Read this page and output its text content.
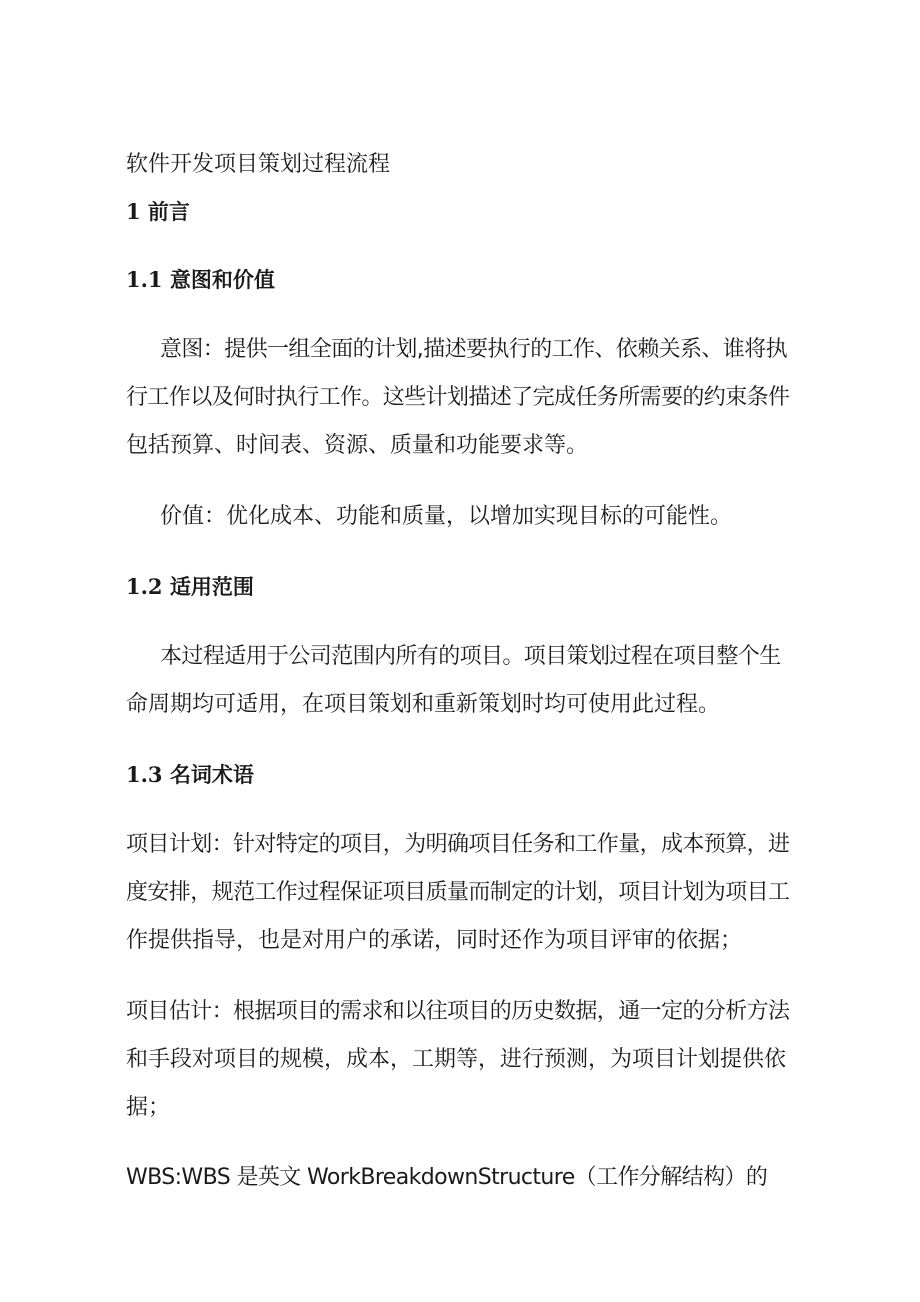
软件开发项目策划过程流程

1 前言

1.1 意图和价值

意图：提供一组全面的计划,描述要执行的工作、依赖关系、谁将执

行工作以及何时执行工作。这些计划描述了完成任务所需要的约束条件

包括预算、时间表、资源、质量和功能要求等。

价值：优化成本、功能和质量，以增加实现目标的可能性。

1.2 适用范围

本过程适用于公司范围内所有的项目。项目策划过程在项目整个生

命周期均可适用，在项目策划和重新策划时均可使用此过程。

1.3 名词术语

项目计划：针对特定的项目，为明确项目任务和工作量，成本预算，进

度安排，规范工作过程保证项目质量而制定的计划，项目计划为项目工

作提供指导，也是对用户的承诺，同时还作为项目评审的依据；

项目估计：根据项目的需求和以往项目的历史数据，通一定的分析方法

和手段对项目的规模，成本，工期等，进行预测，为项目计划提供依

据；

WBS:WBS 是英文 WorkBreakdownStructure（工作分解结构）的
